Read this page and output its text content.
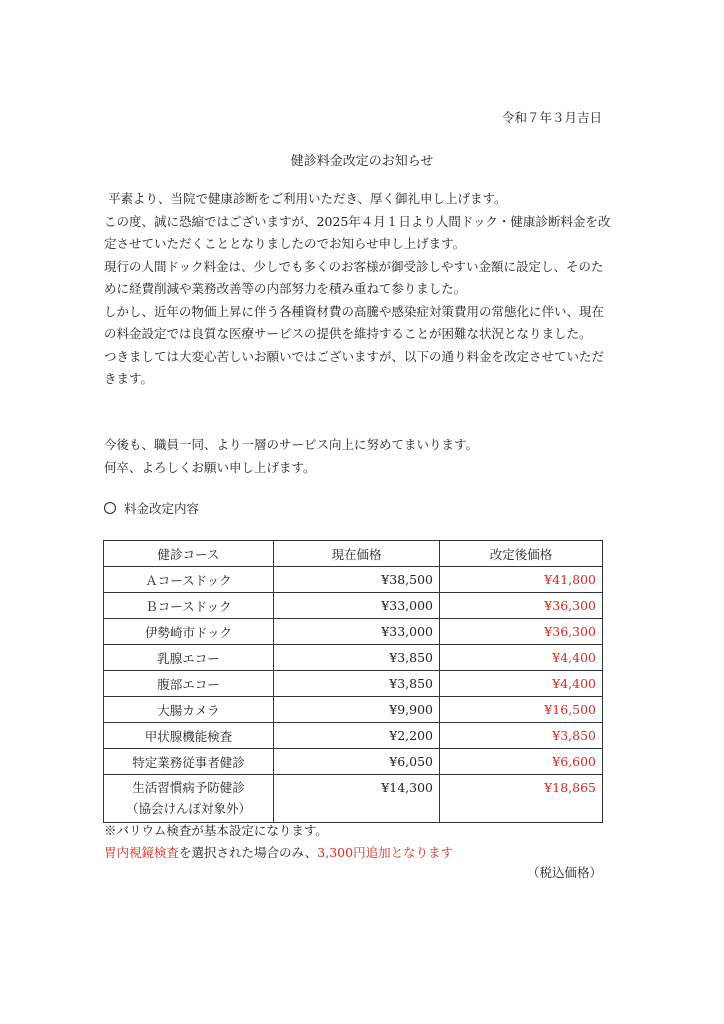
令和７年３月吉日
健診料金改定のお知らせ

平素より、当院で健康診断をご利用いただき、厚く御礼申し上げます。

この度、誠に恐縮ではございますが、2025年４月１日より人間ドック・健康診断料金を改定させていただくこととなりましたのでお知らせ申し上げます。

現行の人間ドック料金は、少しでも多くのお客様が御受診しやすい金額に設定し、そのために経費削減や業務改善等の内部努力を積み重ねて参りました。

しかし、近年の物価上昇に伴う各種資材費の高騰や感染症対策費用の常態化に伴い、現在の料金設定では良質な医療サービスの提供を維持することが困難な状況となりました。

つきましては大変心苦しいお願いではございますが、以下の通り料金を改定させていただきます。

今後も、職員一同、より一層のサービス向上に努めてまいります。

何卒、よろしくお願い申し上げます。

料金改定内容
健診コース	現在価格	改定後価格
Ａコースドック	¥38,500	¥41,800
Ｂコースドック	¥33,000	¥36,300
伊勢崎市ドック	¥33,000	¥36,300
乳腺エコー	¥3,850	¥4,400
腹部エコー	¥3,850	¥4,400
大腸カメラ	¥9,900	¥16,500
甲状腺機能検査	¥2,200	¥3,850
特定業務従事者健診	¥6,050	¥6,600
生活習慣病予防健診
（協会けんぽ対象外）	¥14,300	¥18,865

※バリウム検査が基本設定になります。

胃内視鏡検査を選択された場合のみ、3,300円追加となります

（税込価格）
